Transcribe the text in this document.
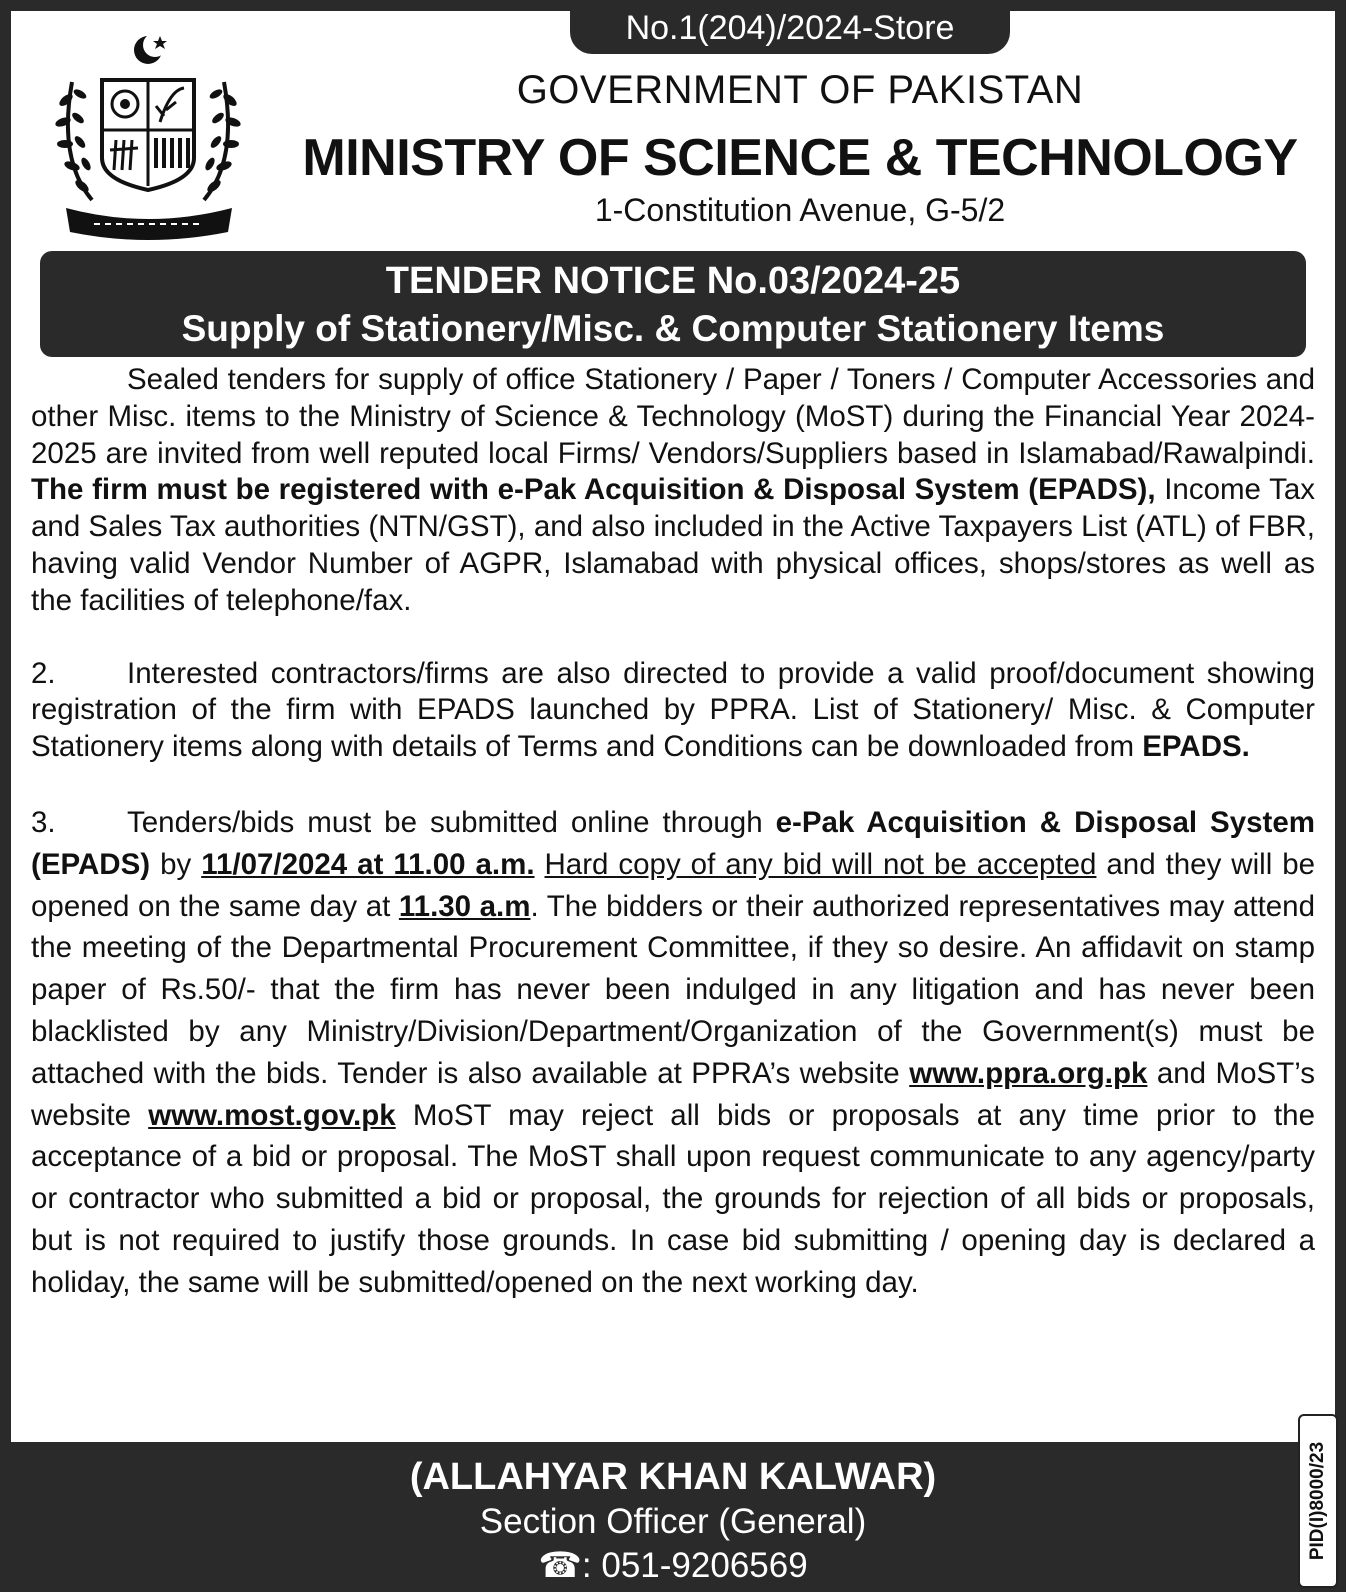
No.1(204)/2024-Store
GOVERNMENT OF PAKISTAN
MINISTRY OF SCIENCE & TECHNOLOGY
1-Constitution Avenue, G-5/2
TENDER NOTICE No.03/2024-25
Supply of Stationery/Misc. & Computer Stationery Items

Sealed tenders for supply of office Stationery / Paper / Toners / Computer Accessories and other Misc. items to the Ministry of Science & Technology (MoST) during the Financial Year 2024-2025 are invited from well reputed local Firms/ Vendors/Suppliers based in Islamabad/Rawalpindi. The firm must be registered with e-Pak Acquisition & Disposal System (EPADS), Income Tax and Sales Tax authorities (NTN/GST), and also included in the Active Taxpayers List (ATL) of FBR, having valid Vendor Number of AGPR, Islamabad with physical offices, shops/stores as well as the facilities of telephone/fax.

2. Interested contractors/firms are also directed to provide a valid proof/document showing registration of the firm with EPADS launched by PPRA. List of Stationery/ Misc. & Computer Stationery items along with details of Terms and Conditions can be downloaded from EPADS.

3. Tenders/bids must be submitted online through e-Pak Acquisition & Disposal System (EPADS) by 11/07/2024 at 11.00 a.m. Hard copy of any bid will not be accepted and they will be opened on the same day at 11.30 a.m. The bidders or their authorized representatives may attend the meeting of the Departmental Procurement Committee, if they so desire. An affidavit on stamp paper of Rs.50/- that the firm has never been indulged in any litigation and has never been blacklisted by any Ministry/Division/Department/Organization of the Government(s) must be attached with the bids. Tender is also available at PPRA’s website www.ppra.org.pk and MoST’s website www.most.gov.pk MoST may reject all bids or proposals at any time prior to the acceptance of a bid or proposal. The MoST shall upon request communicate to any agency/party or contractor who submitted a bid or proposal, the grounds for rejection of all bids or proposals, but is not required to justify those grounds. In case bid submitting / opening day is declared a holiday, the same will be submitted/opened on the next working day.

(ALLAHYAR KHAN KALWAR)
Section Officer (General)
☎: 051-9206569
PID(I)8000/23
